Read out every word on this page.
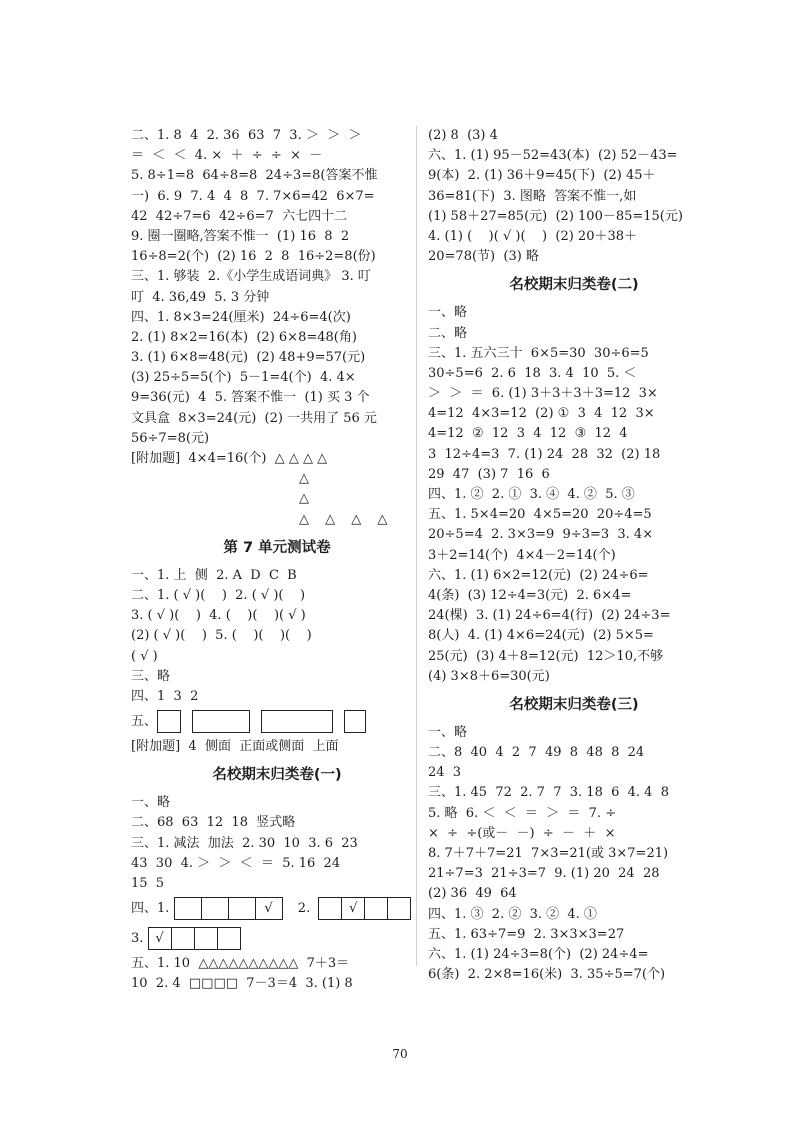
二、1. 8  4  2. 36  63  7  3. ＞  ＞  ＞
＝  ＜  ＜  4. ×  ＋  ÷  ÷  ×  －
5. 8÷1=8  64÷8=8  24÷3=8(答案不惟
一)  6. 9  7. 4  4  8  7. 7×6=42  6×7=
42  42÷7=6  42÷6=7  六七四十二
9. 圈一圈略,答案不惟一  (1) 16  8  2
16÷8=2(个)  (2) 16  2  8  16÷2=8(份)
三、1. 够装  2.《小学生成语词典》 3. 叮
叮  4. 36,49  5. 3 分钟
四、1. 8×3=24(厘米)  24÷6=4(次)
2. (1) 8×2=16(本)  (2) 6×8=48(角)
3. (1) 6×8=48(元)  (2) 48+9=57(元)
(3) 25÷5=5(个)  5－1=4(个)  4. 4×
9=36(元)  4  5. 答案不惟一  (1) 买 3 个
文具盒  8×3=24(元)  (2) 一共用了 56 元
56÷7=8(元)
[附加题]  4×4=16(个)  △ △ △ △
△
△
△ △ △ △
第 7 单元测试卷
一、1. 上  侧  2. A  D  C  B
二、1. ( √ )(    )  2. ( √ )(    )
3. ( √ )(    )  4. (    )(    )( √ )
(2) ( √ )(    )  5. (    )(    )(    )
( √ )
三、略
四、1  3  2
五、
[附加题]  4  侧面  正面或侧面  上面
名校期末归类卷(一)
一、略
二、68  63  12  18  竖式略
三、1. 减法  加法  2. 30  10  3. 6  23
43  30  4. ＞  ＞  ＜  ＝  5. 16  24
15  5
四、1.	√  2.	√
3. √
五、1. 10  △△△△△△△△△△  7＋3＝
10  2. 4  □□□□  7－3＝4  3. (1) 8
(2) 8  (3) 4
六、1. (1) 95－52=43(本)  (2) 52－43=
9(本)  2. (1) 36＋9=45(下)  (2) 45＋
36=81(下)  3. 图略  答案不惟一,如
(1) 58＋27=85(元)  (2) 100－85=15(元)
4. (1) (    )( √ )(    )  (2) 20＋38＋
20=78(节)  (3) 略
名校期末归类卷(二)
一、略
二、略
三、1. 五六三十  6×5=30  30÷6=5
30÷5=6  2. 6  18  3. 4  10  5. ＜
＞  ＞  ＝  6. (1) 3＋3＋3＋3=12  3×
4=12  4×3=12  (2) ①  3  4  12  3×
4=12  ②  12  3  4  12  ③  12  4
3  12÷4=3  7. (1) 24  28  32  (2) 18
29  47  (3) 7  16  6
四、1. ②  2. ①  3. ④  4. ②  5. ③
五、1. 5×4=20  4×5=20  20÷4=5
20÷5=4  2. 3×3=9  9÷3=3  3. 4×
3＋2=14(个)  4×4－2=14(个)
六、1. (1) 6×2=12(元)  (2) 24÷6=
4(条)  (3) 12÷4=3(元)  2. 6×4=
24(棵)  3. (1) 24÷6=4(行)  (2) 24÷3=
8(人)  4. (1) 4×6=24(元)  (2) 5×5=
25(元)  (3) 4＋8=12(元)  12＞10,不够
(4) 3×8＋6=30(元)
名校期末归类卷(三)
一、略
二、8  40  4  2  7  49  8  48  8  24
24  3
三、1. 45  72  2. 7  7  3. 18  6  4. 4  8
5. 略  6. ＜  ＜  ＝  ＞  ＝  7. ÷
×  ÷  ÷(或－  －)  ÷  －  ＋  ×
8. 7＋7＋7=21  7×3=21(或 3×7=21)
21÷7=3  21÷3=7  9. (1) 20  24  28
(2) 36  49  64
四、1. ③  2. ②  3. ②  4. ①
五、1. 63÷7=9  2. 3×3×3=27
六、1. (1) 24÷3=8(个)  (2) 24÷4=
6(条)  2. 2×8=16(米)  3. 35÷5=7(个)
70
